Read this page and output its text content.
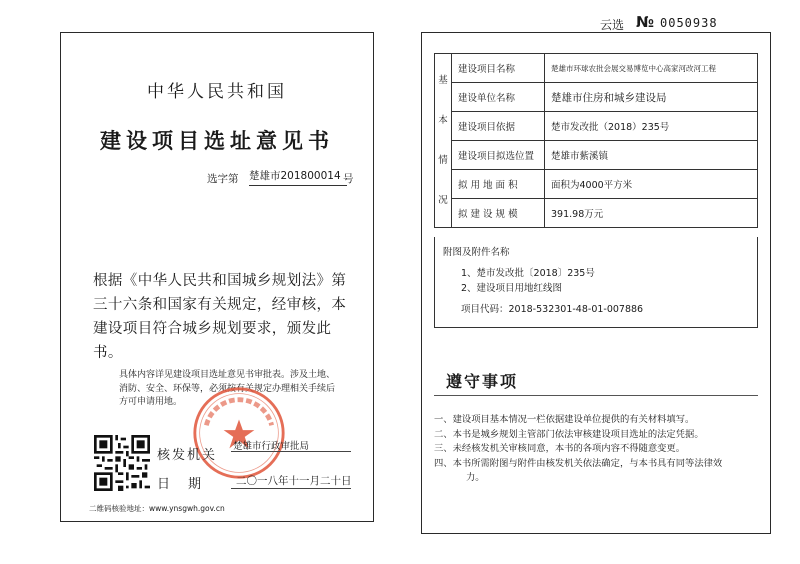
云选 № 0050938
中华人民共和国
建设项目选址意见书
选字第 楚雄市201800014 号
根据《中华人民共和国城乡规划法》第三十六条和国家有关规定，经审核，本建设项目符合城乡规划要求，颁发此书。
具体内容详见建设项目选址意见书审批表。涉及土地、消防、安全、环保等，必须按有关规定办理相关手续后方可申请用地。
核发机关
楚雄市行政审批局
日期 二〇一八年十一月二十日
二维码核验地址：www.ynsgwh.gov.cn
基
本
情
况	建设项目名称	楚雄市环球农批会展交易博览中心高家河改河工程
	建设单位名称	楚雄市住房和城乡建设局
	建设项目依据	楚市发改批（2018）235号
	建设项目拟选位置	楚雄市紫溪镇
	拟 用 地 面 积	面积为4000平方米
	拟 建 设 规 模	391.98万元
附图及附件名称
1、楚市发改批〔2018〕235号
2、建设项目用地红线图
项目代码：2018-532301-48-01-007886
遵守事项
一、建设项目基本情况一栏依据建设单位提供的有关材料填写。
二、本书是城乡规划主管部门依法审核建设项目选址的法定凭据。
三、未经核发机关审核同意，本书的各项内容不得随意变更。
四、本书所需附图与附件由核发机关依法确定，与本书具有同等法律效
力。
